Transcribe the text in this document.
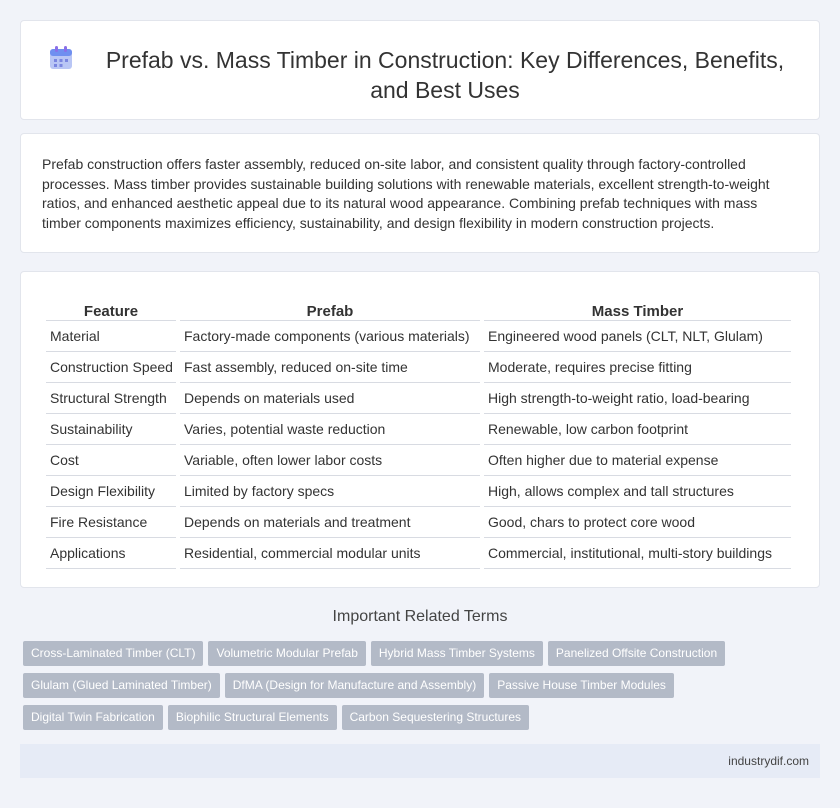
Prefab vs. Mass Timber in Construction: Key Differences, Benefits, and Best Uses

Prefab construction offers faster assembly, reduced on-site labor, and consistent quality through factory-controlled processes. Mass timber provides sustainable building solutions with renewable materials, excellent strength-to-weight ratios, and enhanced aesthetic appeal due to its natural wood appearance. Combining prefab techniques with mass timber components maximizes efficiency, sustainability, and design flexibility in modern construction projects.

Feature	Prefab	Mass Timber
Material	Factory-made components (various materials)	Engineered wood panels (CLT, NLT, Glulam)
Construction Speed	Fast assembly, reduced on-site time	Moderate, requires precise fitting
Structural Strength	Depends on materials used	High strength-to-weight ratio, load-bearing
Sustainability	Varies, potential waste reduction	Renewable, low carbon footprint
Cost	Variable, often lower labor costs	Often higher due to material expense
Design Flexibility	Limited by factory specs	High, allows complex and tall structures
Fire Resistance	Depends on materials and treatment	Good, chars to protect core wood
Applications	Residential, commercial modular units	Commercial, institutional, multi-story buildings
Important Related Terms
Cross-Laminated Timber (CLT) Volumetric Modular Prefab Hybrid Mass Timber Systems Panelized Offsite Construction
Glulam (Glued Laminated Timber) DfMA (Design for Manufacture and Assembly) Passive House Timber Modules
Digital Twin Fabrication Biophilic Structural Elements Carbon Sequestering Structures
industrydif.com
